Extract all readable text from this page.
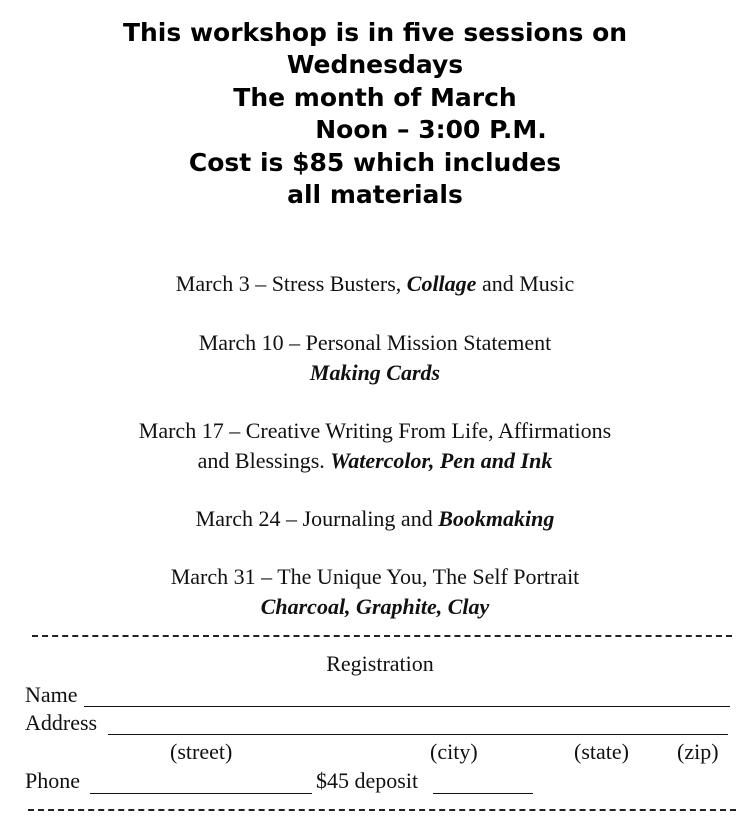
This workshop is in five sessions on
Wednesdays
The month of March
Noon – 3:00 P.M.
Cost is $85 which includes
all materials
March 3 – Stress Busters, Collage and Music
March 10 – Personal Mission Statement
Making Cards
March 17 – Creative Writing From Life, Affirmations
and Blessings. Watercolor, Pen and Ink
March 24 – Journaling and Bookmaking
March 31 – The Unique You, The Self Portrait
Charcoal, Graphite, Clay
Registration
Name
Address
(street)	(city)	(state) (zip)
Phone	$45 deposit
